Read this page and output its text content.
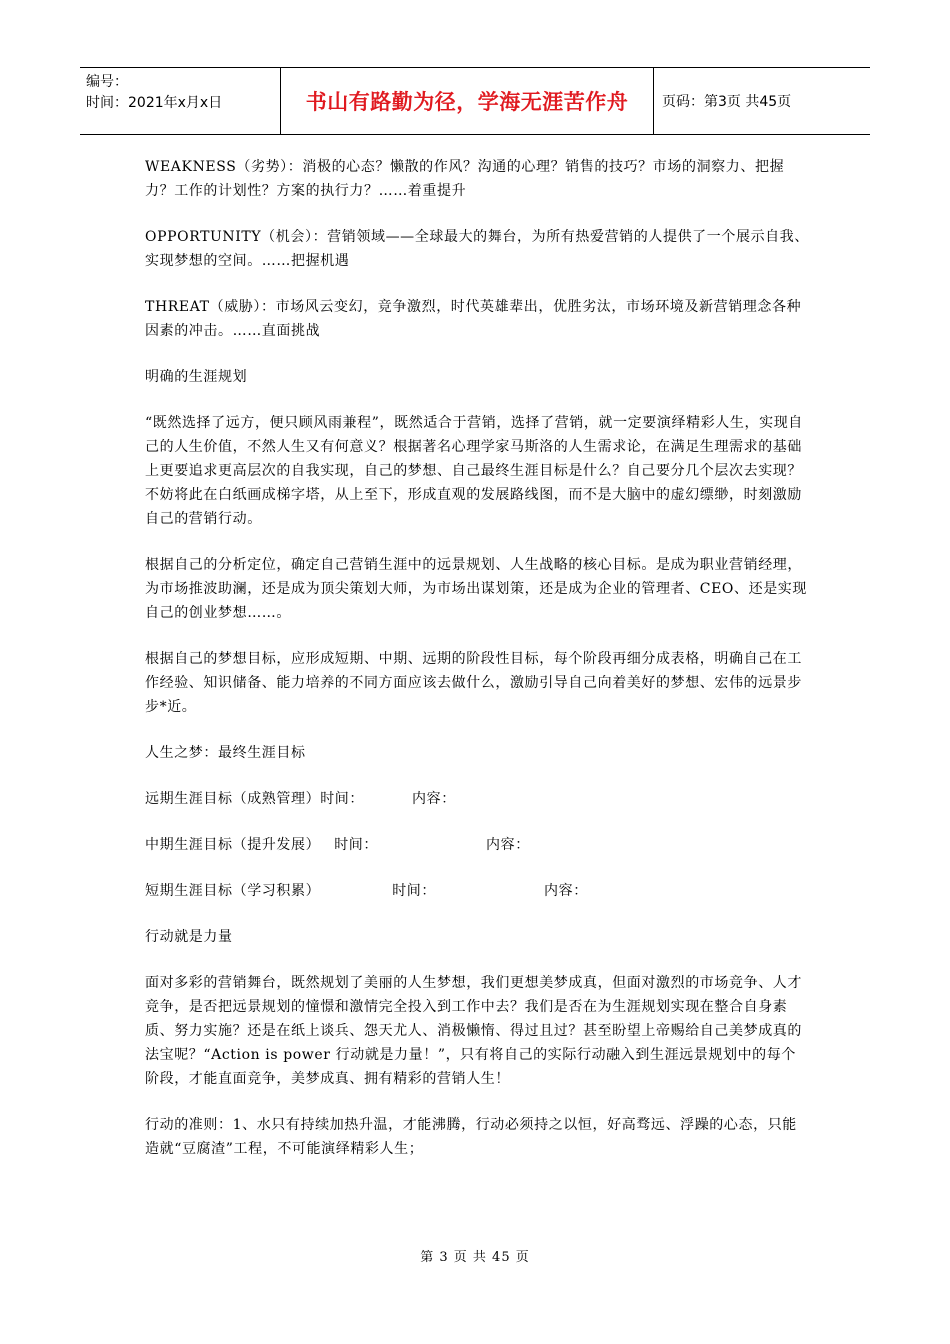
编号：
时间：2021年x月x日	书山有路勤为径，学海无涯苦作舟	页码：第3页 共45页

WEAKNESS（劣势）：消极的心态？懒散的作风？沟通的心理？销售的技巧？市场的洞察力、把握力？工作的计划性？方案的执行力？……着重提升

OPPORTUNITY（机会）：营销领域——全球最大的舞台，为所有热爱营销的人提供了一个展示自我、实现梦想的空间。……把握机遇

THREAT（威胁）：市场风云变幻，竞争激烈，时代英雄辈出，优胜劣汰，市场环境及新营销理念各种因素的冲击。……直面挑战

明确的生涯规划

“既然选择了远方，便只顾风雨兼程”，既然适合于营销，选择了营销，就一定要演绎精彩人生，实现自己的人生价值，不然人生又有何意义？根据著名心理学家马斯洛的人生需求论，在满足生理需求的基础上更要追求更高层次的自我实现，自己的梦想、自己最终生涯目标是什么？自己要分几个层次去实现？不妨将此在白纸画成梯字塔，从上至下，形成直观的发展路线图，而不是大脑中的虚幻缥缈，时刻激励自己的营销行动。

根据自己的分析定位，确定自己营销生涯中的远景规划、人生战略的核心目标。是成为职业营销经理，为市场推波助澜，还是成为顶尖策划大师，为市场出谋划策，还是成为企业的管理者、CEO、还是实现自己的创业梦想……。

根据自己的梦想目标，应形成短期、中期、远期的阶段性目标，每个阶段再细分成表格，明确自己在工作经验、知识储备、能力培养的不同方面应该去做什么，激励引导自己向着美好的梦想、宏伟的远景步步*近。

人生之梦：最终生涯目标

远期生涯目标（成熟管理）时间：	内容：
中期生涯目标（提升发展） 时间：	内容：
短期生涯目标（学习积累）	时间：	内容：

行动就是力量

面对多彩的营销舞台，既然规划了美丽的人生梦想，我们更想美梦成真，但面对激烈的市场竞争、人才竞争，是否把远景规划的憧憬和激情完全投入到工作中去？我们是否在为生涯规划实现在整合自身素质、努力实施？还是在纸上谈兵、怨天尤人、消极懒惰、得过且过？甚至盼望上帝赐给自己美梦成真的法宝呢？“Action is power 行动就是力量！”，只有将自己的实际行动融入到生涯远景规划中的每个阶段，才能直面竞争，美梦成真、拥有精彩的营销人生！

行动的准则：1、水只有持续加热升温，才能沸腾，行动必须持之以恒，好高骛远、浮躁的心态，只能造就“豆腐渣”工程，不可能演绎精彩人生；

第 3 页 共 45 页
